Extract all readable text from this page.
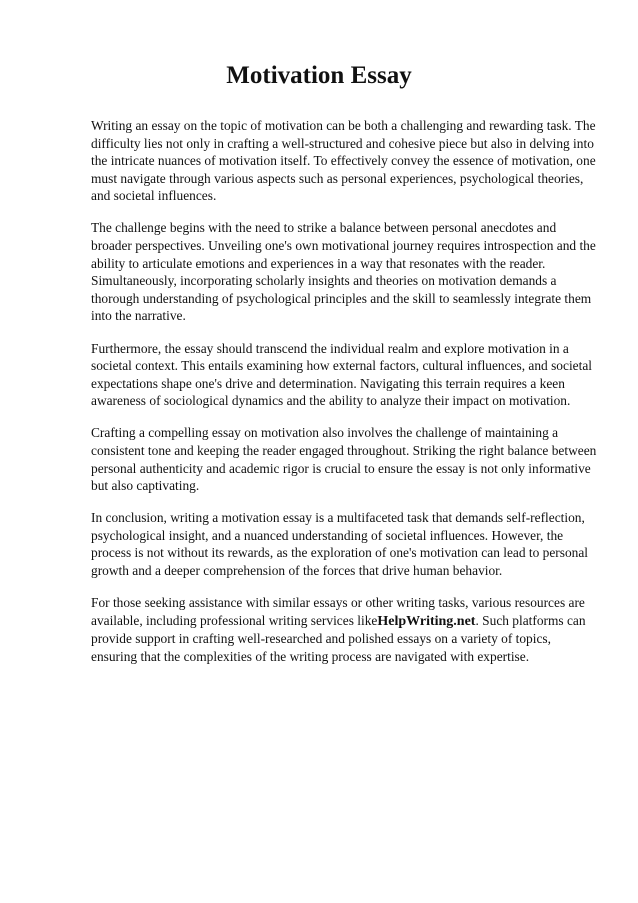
Motivation Essay

Writing an essay on the topic of motivation can be both a challenging and rewarding task. The difficulty lies not only in crafting a well-structured and cohesive piece but also in delving into the intricate nuances of motivation itself. To effectively convey the essence of motivation, one must navigate through various aspects such as personal experiences, psychological theories, and societal influences.

The challenge begins with the need to strike a balance between personal anecdotes and broader perspectives. Unveiling one's own motivational journey requires introspection and the ability to articulate emotions and experiences in a way that resonates with the reader. Simultaneously, incorporating scholarly insights and theories on motivation demands a thorough understanding of psychological principles and the skill to seamlessly integrate them into the narrative.

Furthermore, the essay should transcend the individual realm and explore motivation in a societal context. This entails examining how external factors, cultural influences, and societal expectations shape one's drive and determination. Navigating this terrain requires a keen awareness of sociological dynamics and the ability to analyze their impact on motivation.

Crafting a compelling essay on motivation also involves the challenge of maintaining a consistent tone and keeping the reader engaged throughout. Striking the right balance between personal authenticity and academic rigor is crucial to ensure the essay is not only informative but also captivating.

In conclusion, writing a motivation essay is a multifaceted task that demands self-reflection, psychological insight, and a nuanced understanding of societal influences. However, the process is not without its rewards, as the exploration of one's motivation can lead to personal growth and a deeper comprehension of the forces that drive human behavior.

For those seeking assistance with similar essays or other writing tasks, various resources are available, including professional writing services likeHelpWriting.net. Such platforms can provide support in crafting well-researched and polished essays on a variety of topics, ensuring that the complexities of the writing process are navigated with expertise.
